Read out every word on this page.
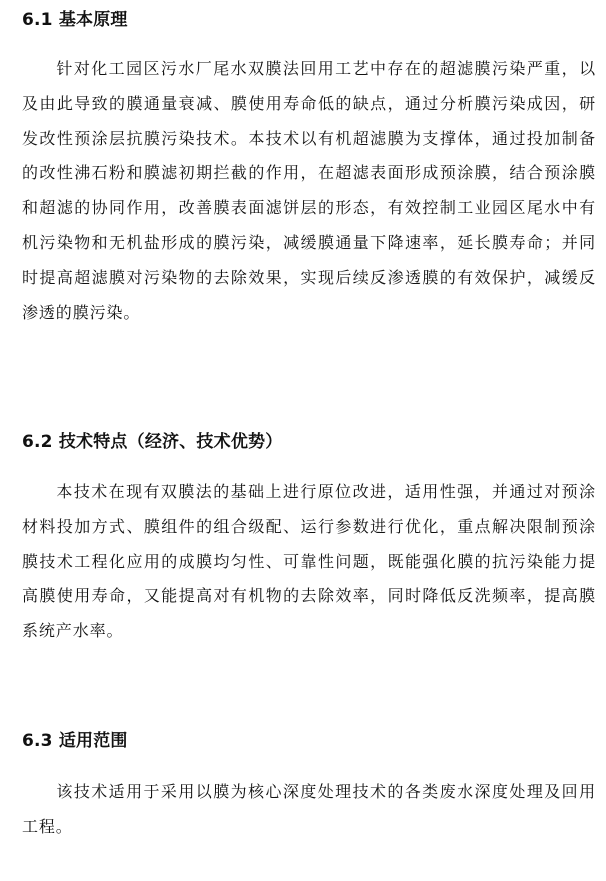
6.1 基本原理

针对化工园区污水厂尾水双膜法回用工艺中存在的超滤膜污染严重，以及由此导致的膜通量衰减、膜使用寿命低的缺点，通过分析膜污染成因，研发改性预涂层抗膜污染技术。本技术以有机超滤膜为支撑体，通过投加制备的改性沸石粉和膜滤初期拦截的作用，在超滤表面形成预涂膜，结合预涂膜和超滤的协同作用，改善膜表面滤饼层的形态，有效控制工业园区尾水中有机污染物和无机盐形成的膜污染，减缓膜通量下降速率，延长膜寿命；并同时提高超滤膜对污染物的去除效果，实现后续反渗透膜的有效保护，减缓反渗透的膜污染。

6.2 技术特点（经济、技术优势）

本技术在现有双膜法的基础上进行原位改进，适用性强，并通过对预涂材料投加方式、膜组件的组合级配、运行参数进行优化，重点解决限制预涂膜技术工程化应用的成膜均匀性、可靠性问题，既能强化膜的抗污染能力提高膜使用寿命，又能提高对有机物的去除效率，同时降低反洗频率，提高膜系统产水率。

6.3 适用范围

该技术适用于采用以膜为核心深度处理技术的各类废水深度处理及回用工程。
